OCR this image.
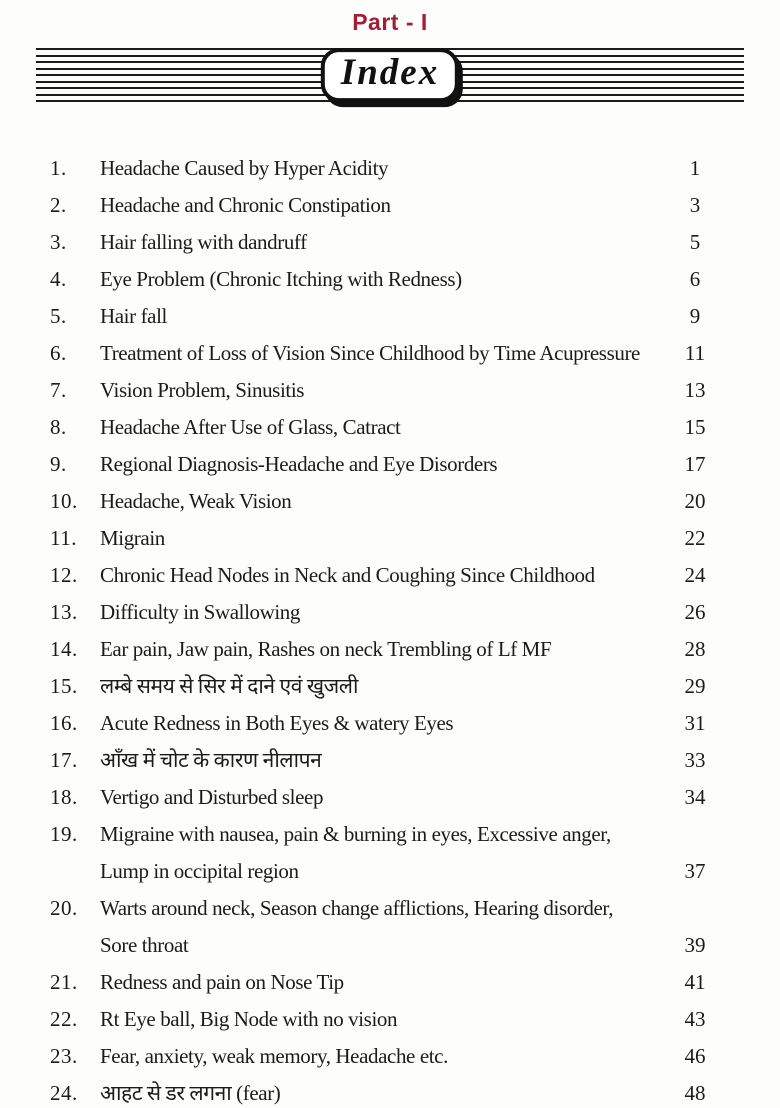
Part - I
Index
1.	Headache Caused by Hyper Acidity	1
2.	Headache and Chronic Constipation	3
3.	Hair falling with dandruff	5
4.	Eye Problem (Chronic Itching with Redness)	6
5.	Hair fall	9
6.	Treatment of Loss of Vision Since Childhood by Time Acupressure	11
7.	Vision Problem, Sinusitis	13
8.	Headache After Use of Glass, Catract	15
9.	Regional Diagnosis-Headache and Eye Disorders	17
10. Headache, Weak Vision	20
11.	Migrain	22
12. Chronic Head Nodes in Neck and Coughing Since Childhood	24
13. Difficulty in Swallowing	26
14. Ear pain, Jaw pain, Rashes on neck Trembling of Lf MF	28
15. लम्बे समय से सिर में दाने एवं खुजली	29
16. Acute Redness in Both Eyes & watery Eyes	31
17. आँख में चोट के कारण नीलापन	33
18. Vertigo and Disturbed sleep	34
19. Migraine with nausea, pain & burning in eyes, Excessive anger,
Lump in occipital region	37
20. Warts around neck, Season change afflictions, Hearing disorder,
Sore throat	39
21. Redness and pain on Nose Tip	41
22. Rt Eye ball, Big Node with no vision	43
23. Fear, anxiety, weak memory, Headache etc.	46
24. आहट से डर लगना (fear)	48
